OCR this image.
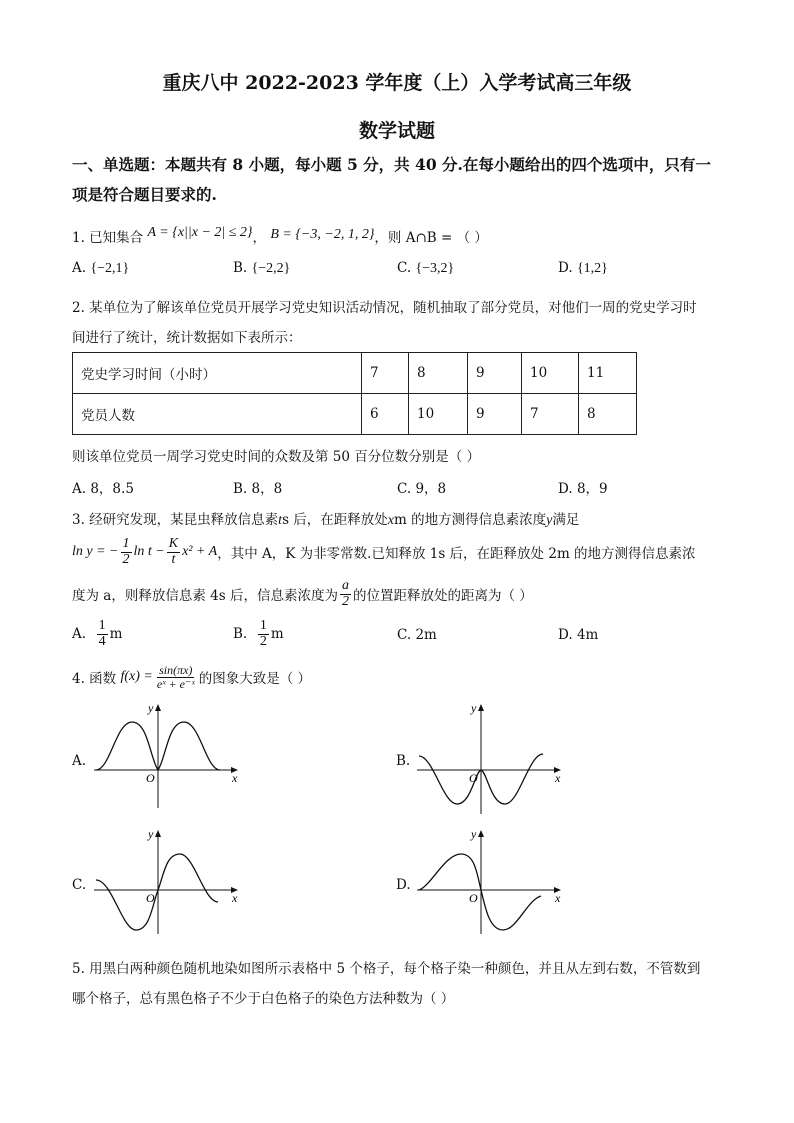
重庆八中 2022-2023 学年度（上）入学考试高三年级
数学试题
一、单选题：本题共有 8 小题，每小题 5 分，共 40 分.在每小题给出的四个选项中，只有一
项是符合题目要求的.
1. 已知集合 A = {x||x − 2| ≤ 2}， B = {−3, −2, 1, 2}，则 A∩B = （ ）
A. {−2,1}	B. {−2,2}	C. {−3,2}	D. {1,2}
2. 某单位为了解该单位党员开展学习党史知识活动情况，随机抽取了部分党员，对他们一周的党史学习时
间进行了统计，统计数据如下表所示：
党史学习时间（小时）	7	8	9	10	11
党员人数	6	10	9	7	8
则该单位党员一周学习党史时间的众数及第 50 百分位数分别是（ ）
A. 8，8.5	B. 8，8	C. 9，8	D. 8，9
3. 经研究发现，某昆虫释放信息素ts 后，在距释放处xm 的地方测得信息素浓度y满足
ln y = − $\frac{1}{2}$ $\ln t - \frac{K}{t} x^2 + A$ ，其中 A，K 为非零常数.已知释放 1s 后，在距释放处 2m 的地方测得信息素浓
度为 a，则释放信息素 4s 后，信息素浓度为 $\frac{a}{2}$ 的位置距释放处的距离为（ ）
A.
$\frac{1}{4}$ m	B.
$\frac{1}{2}$ m	C. 2m	D. 4m
4. 函数
$f(x) = \frac{\sin(\pi x)}{\text{eˣ + e⁻ˣ}}$ 的图象大致是（ ）
A.	B.
C.	D.
x
y
O	x
y
O
x
y
O	x
y
O
5. 用黑白两种颜色随机地染如图所示表格中 5 个格子，每个格子染一种颜色，并且从左到右数，不管数到
哪个格子，总有黑色格子不少于白色格子的染色方法种数为（ ）
